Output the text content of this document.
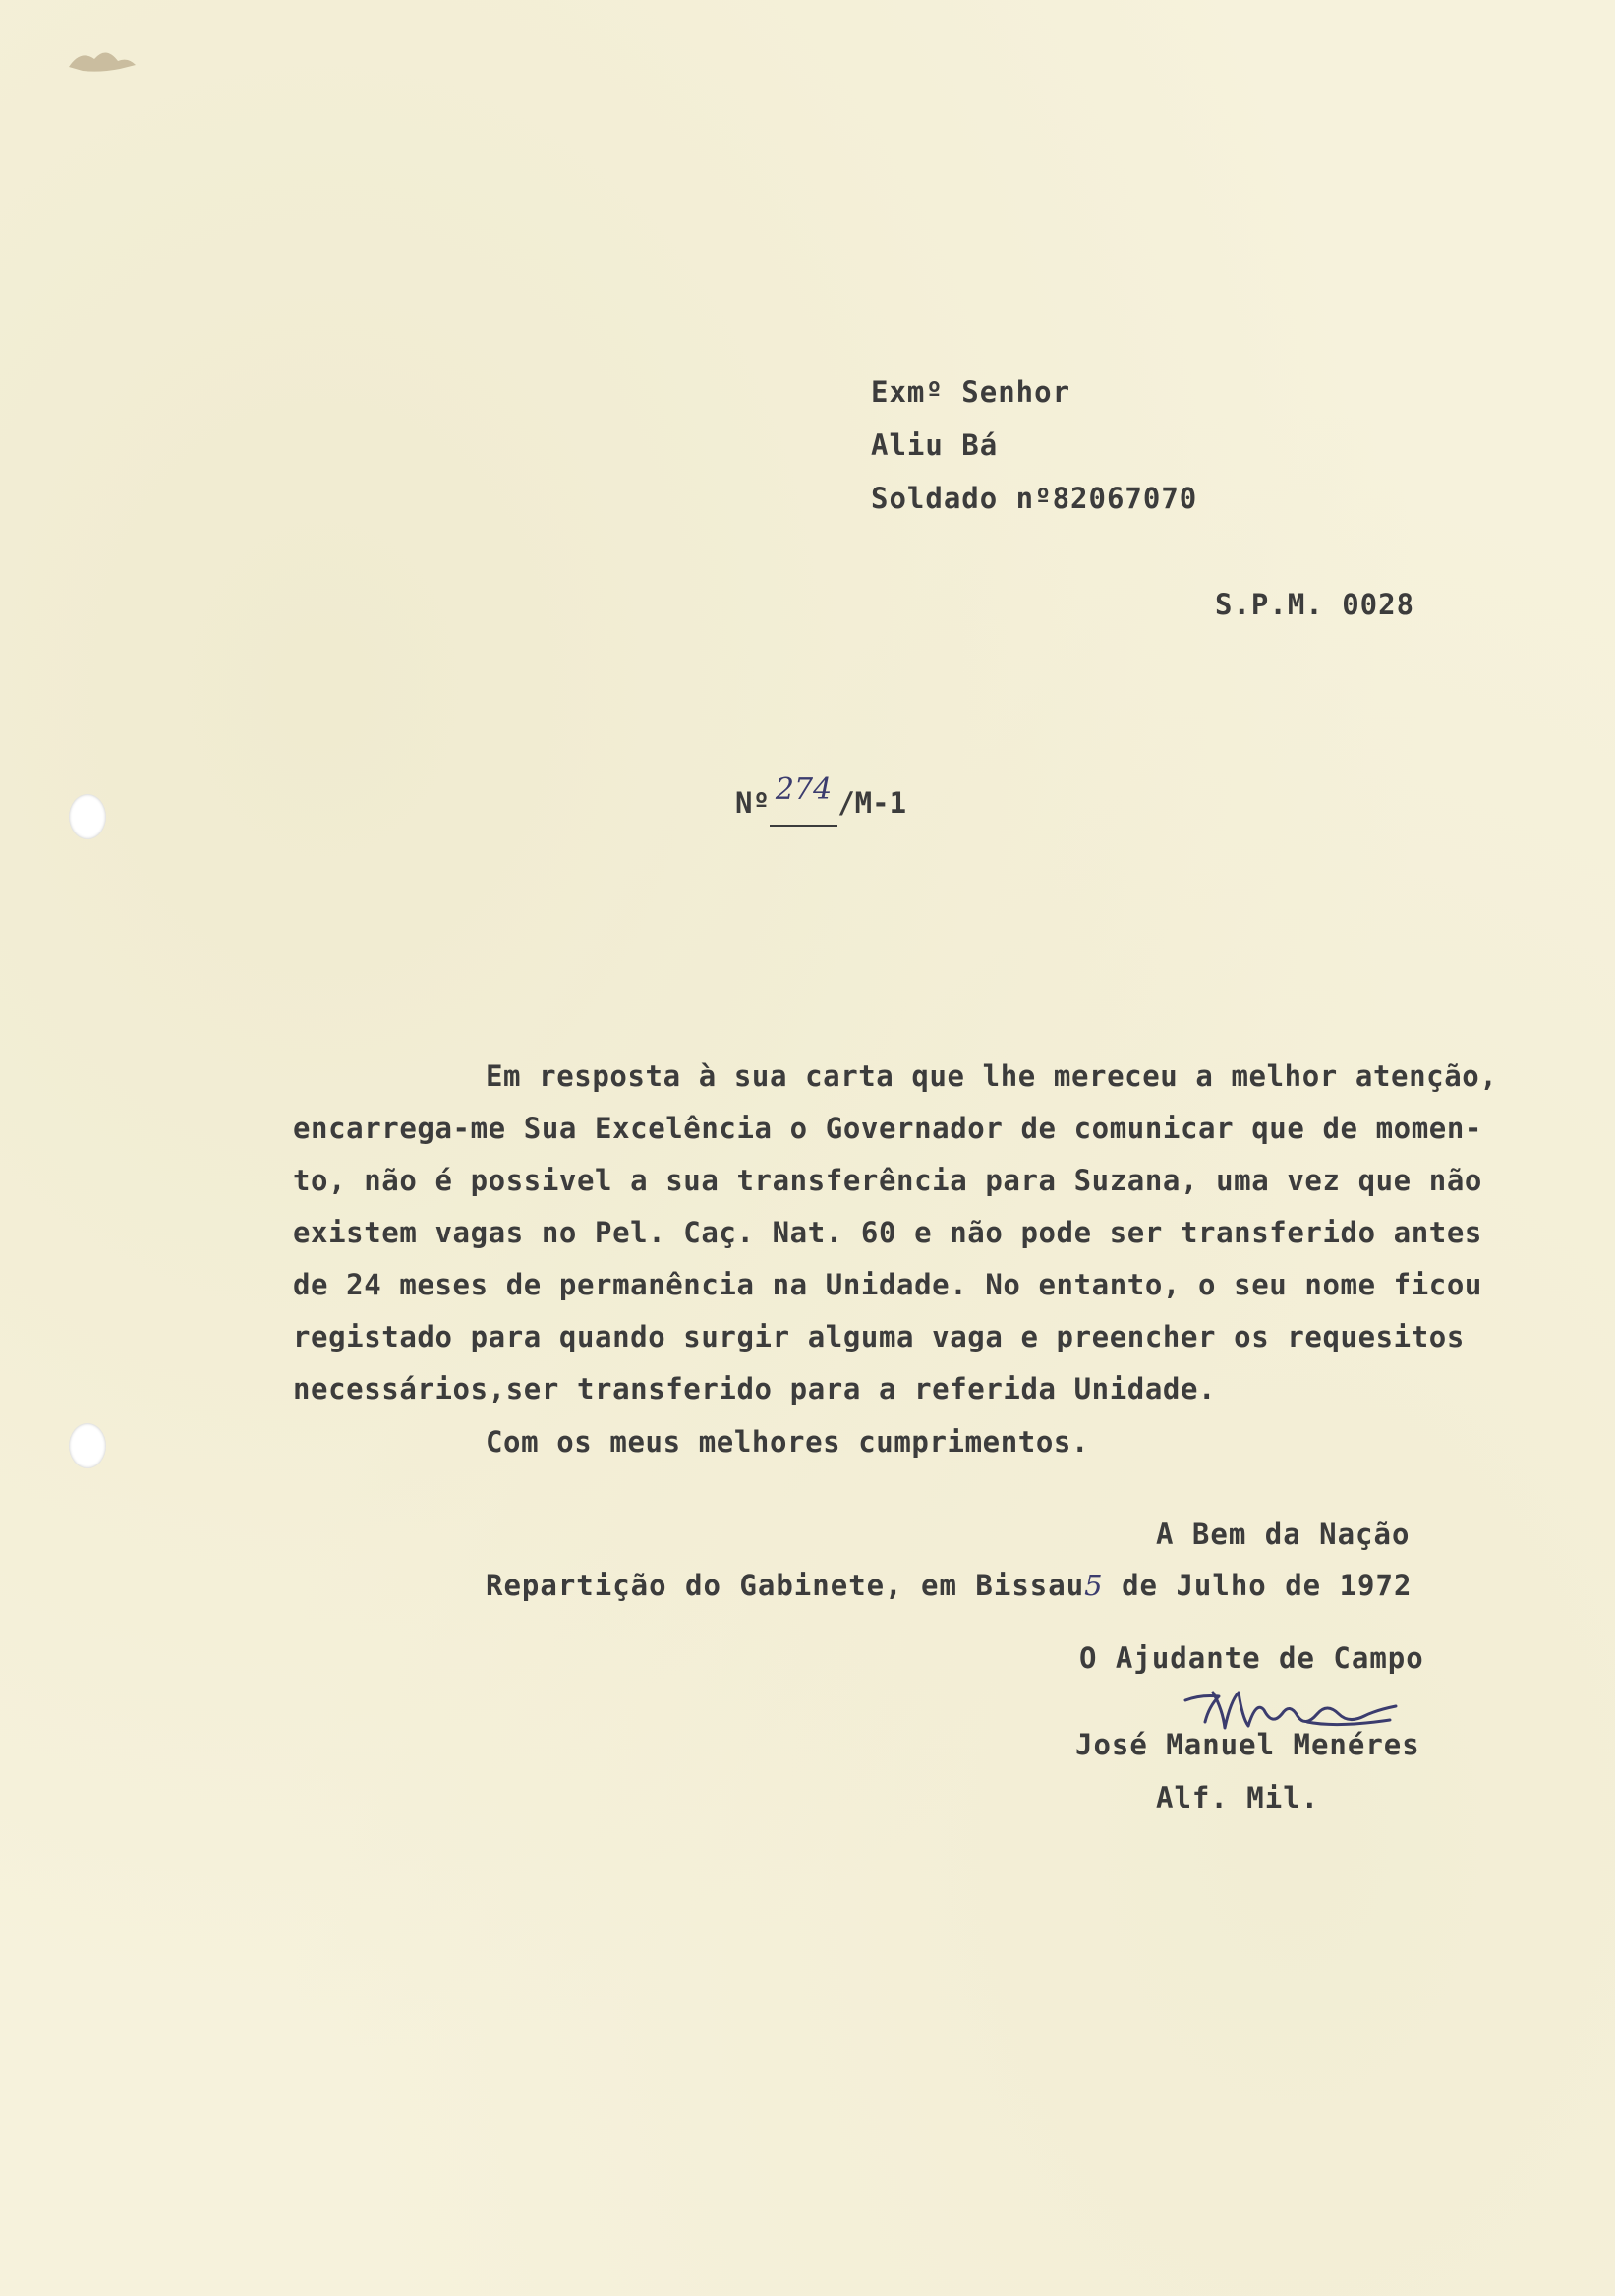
Exmº Senhor
Aliu Bá
Soldado nº82067070
S.P.M. 0028
Nº 274 /M-1
Em resposta à sua carta que lhe mereceu a melhor atenção,
encarrega-me Sua Excelência o Governador de comunicar que de momen-
to, não é possivel a sua transferência para Suzana, uma vez que não
existem vagas no Pel. Caç. Nat. 60 e não pode ser transferido antes
de 24 meses de permanência na Unidade. No entanto, o seu nome ficou
registado para quando surgir alguma vaga e preencher os requesitos
necessários,ser transferido para a referida Unidade.
Com os meus melhores cumprimentos.
A Bem da Nação
Repartição do Gabinete, em Bissau5 de Julho de 1972
O Ajudante de Campo
José Manuel Menéres
Alf. Mil.
